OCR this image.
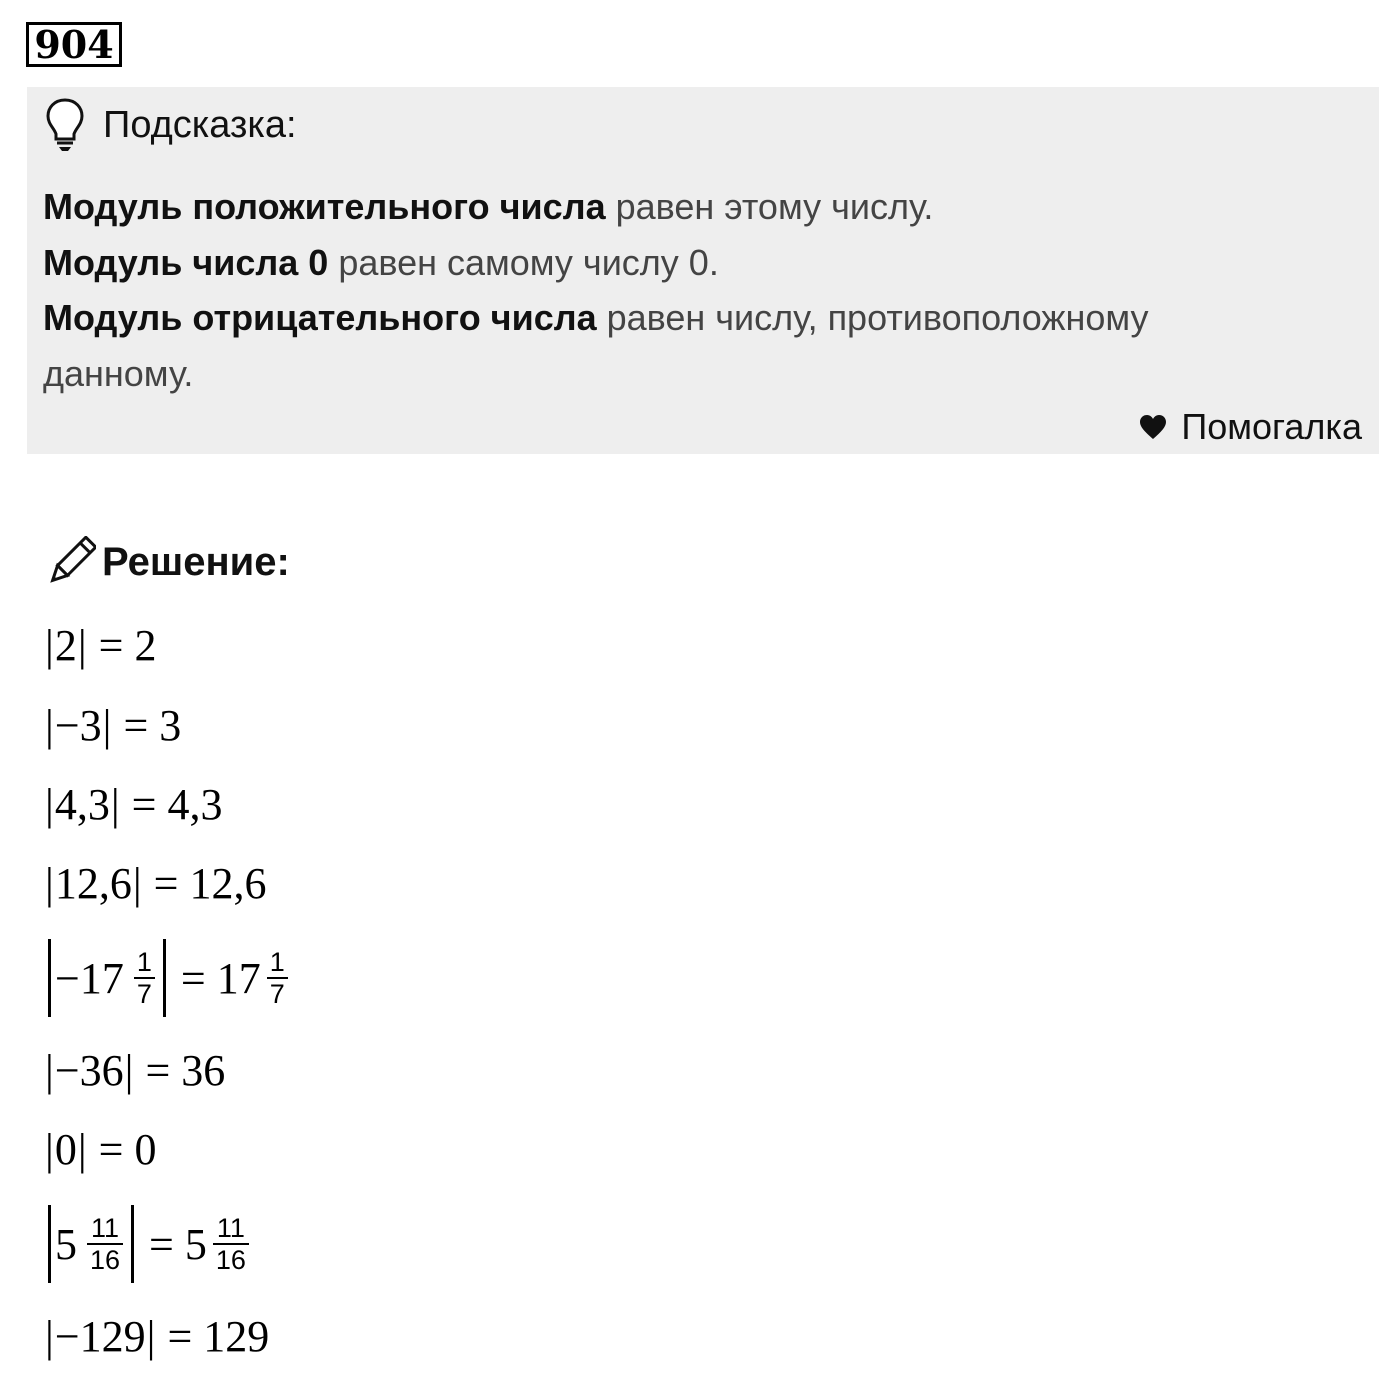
904
Подсказка:
Модуль положительного числа равен этому числу.
Модуль числа 0 равен самому числу 0.
Модуль отрицательного числа равен числу, противоположному
данному.
Помогалка
Решение:
| 2 | = 2
| −3 | = 3
| 4,3 | = 4,3
| 12,6 | = 12,6
$-17 \frac{1}{7} = 17 \frac{1}{7}$
| −36 | = 36
| 0 | = 0
$5 \frac{11}{16} = 5 \frac{11}{16}$
| −129 | = 129
